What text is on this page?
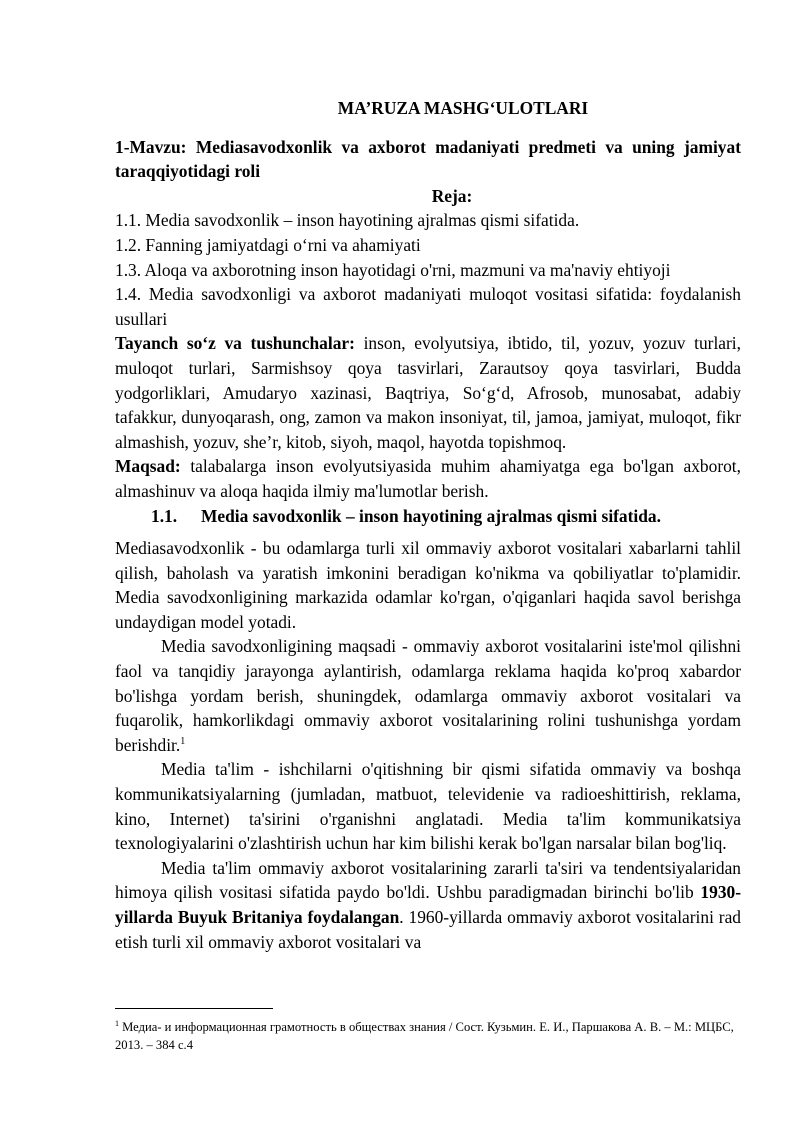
MA’RUZA MASHG‘ULOTLARI

1-Mavzu: Mediasavodxonlik va axborot madaniyati predmeti va uning jamiyat taraqqiyotidagi roli

Reja:

1.1. Media savodxonlik – inson hayotining ajralmas qismi sifatida.

1.2. Fanning jamiyatdagi o‘rni va ahamiyati

1.3. Aloqa va axborotning inson hayotidagi o'rni, mazmuni va ma'naviy ehtiyoji

1.4. Media savodxonligi va axborot madaniyati muloqot vositasi sifatida: foydalanish usullari

Tayanch so‘z va tushunchalar: inson, evolyutsiya, ibtido, til, yozuv, yozuv turlari, muloqot turlari, Sarmishsoy qoya tasvirlari, Zarautsoy qoya tasvirlari, Budda yodgorliklari, Amudaryo xazinasi, Baqtriya, So‘g‘d, Afrosob, munosabat, adabiy tafakkur, dunyoqarash, ong, zamon va makon insoniyat, til, jamoa, jamiyat, muloqot, fikr almashish, yozuv, she’r, kitob, siyoh, maqol, hayotda topishmoq.

Maqsad: talabalarga inson evolyutsiyasida muhim ahamiyatga ega bo'lgan axborot, almashinuv va aloqa haqida ilmiy ma'lumotlar berish.

1.1. Media savodxonlik – inson hayotining ajralmas qismi sifatida.

Mediasavodxonlik - bu odamlarga turli xil ommaviy axborot vositalari xabarlarni tahlil qilish, baholash va yaratish imkonini beradigan ko'nikma va qobiliyatlar to'plamidir. Media savodxonligining markazida odamlar ko'rgan, o'qiganlari haqida savol berishga undaydigan model yotadi.

Media savodxonligining maqsadi - ommaviy axborot vositalarini iste'mol qilishni faol va tanqidiy jarayonga aylantirish, odamlarga reklama haqida ko'proq xabardor bo'lishga yordam berish, shuningdek, odamlarga ommaviy axborot vositalari va fuqarolik, hamkorlikdagi ommaviy axborot vositalarining rolini tushunishga yordam berishdir.$^1$

Media ta'lim - ishchilarni o'qitishning bir qismi sifatida ommaviy va boshqa kommunikatsiyalarning (jumladan, matbuot, televidenie va radioeshittirish, reklama, kino, Internet) ta'sirini o'rganishni anglatadi. Media ta'lim kommunikatsiya texnologiyalarini o'zlashtirish uchun har kim bilishi kerak bo'lgan narsalar bilan bog'liq.

Media ta'lim ommaviy axborot vositalarining zararli ta'siri va tendentsiyalaridan himoya qilish vositasi sifatida paydo bo'ldi. Ushbu paradigmadan birinchi bo'lib 1930-yillarda Buyuk Britaniya foydalangan. 1960-yillarda ommaviy axborot vositalarini rad etish turli xil ommaviy axborot vositalari va

$^1$ Медиа- и информационная грамотность в обществах знания / Сост. Кузьмин. Е. И., Паршакова А. В. – М.: МЦБС, 2013. – 384 с.4
